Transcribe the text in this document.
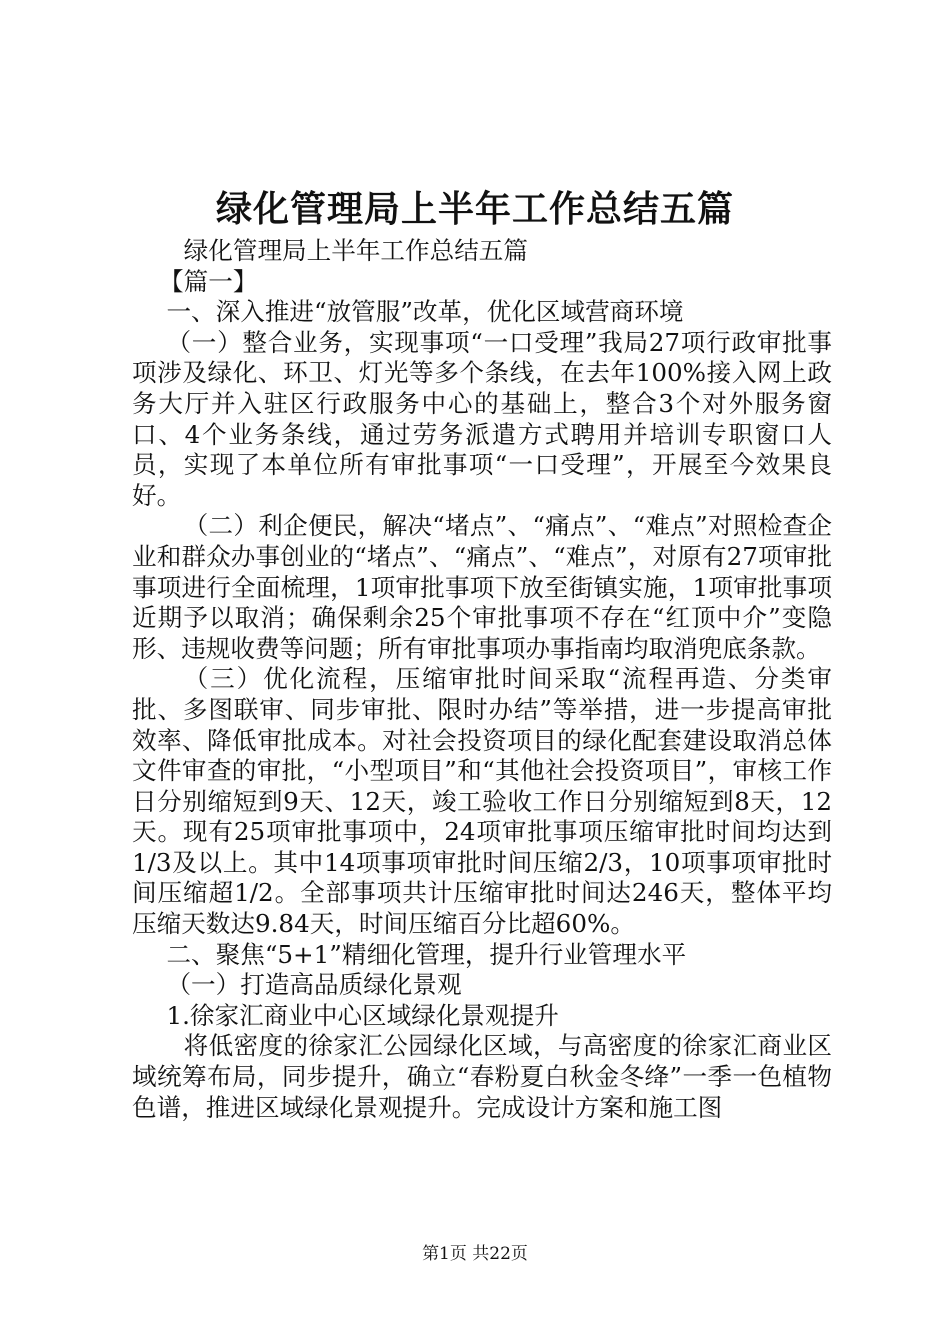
绿化管理局上半年工作总结五篇

绿化管理局上半年工作总结五篇

【篇一】

一、深入推进“放管服”改革，优化区域营商环境

（一）整合业务，实现事项“一口受理”我局27项行政审批事项涉及绿化、环卫、灯光等多个条线，在去年100%接入网上政务大厅并入驻区行政服务中心的基础上，整合3个对外服务窗口、4个业务条线，通过劳务派遣方式聘用并培训专职窗口人员，实现了本单位所有审批事项“一口受理”，开展至今效果良好。

（二）利企便民，解决“堵点”、“痛点”、“难点”对照检查企业和群众办事创业的“堵点”、“痛点”、“难点”，对原有27项审批事项进行全面梳理，1项审批事项下放至街镇实施，1项审批事项近期予以取消；确保剩余25个审批事项不存在“红顶中介”变隐形、违规收费等问题；所有审批事项办事指南均取消兜底条款。

（三）优化流程，压缩审批时间采取“流程再造、分类审批、多图联审、同步审批、限时办结”等举措，进一步提高审批效率、降低审批成本。对社会投资项目的绿化配套建设取消总体文件审查的审批，“小型项目”和“其他社会投资项目”，审核工作日分别缩短到9天、12天，竣工验收工作日分别缩短到8天，12天。现有25项审批事项中，24项审批事项压缩审批时间均达到1/3及以上。其中14项事项审批时间压缩2/3，10项事项审批时间压缩超1/2。全部事项共计压缩审批时间达246天，整体平均压缩天数达9.84天，时间压缩百分比超60%。

二、聚焦“5+1”精细化管理，提升行业管理水平

（一）打造高品质绿化景观

1.徐家汇商业中心区域绿化景观提升

将低密度的徐家汇公园绿化区域，与高密度的徐家汇商业区域统筹布局，同步提升，确立“春粉夏白秋金冬绛”一季一色植物色谱，推进区域绿化景观提升。完成设计方案和施工图

第1页 共22页
